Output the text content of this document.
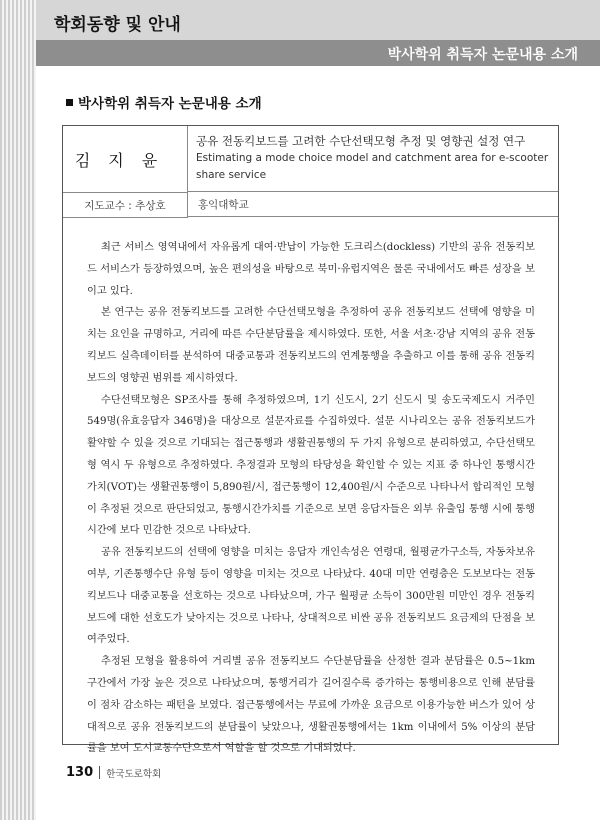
학회동향 및 안내
박사학위 취득자 논문내용 소개
박사학위 취득자 논문내용 소개
김지윤
공유 전동킥보드를 고려한 수단선택모형 추정 및 영향권 설정 연구
Estimating a mode choice model and catchment area for e-scooter share service
지도교수 : 추상호	홍익대학교

최근 서비스 영역내에서 자유롭게 대여·반납이 가능한 도크리스(dockless) 기반의 공유 전동킥보드 서비스가 등장하였으며, 높은 편의성을 바탕으로 북미·유럽지역은 물론 국내에서도 빠른 성장을 보이고 있다.

본 연구는 공유 전동킥보드를 고려한 수단선택모형을 추정하여 공유 전동킥보드 선택에 영향을 미치는 요인을 규명하고, 거리에 따른 수단분담률을 제시하였다. 또한, 서울 서초·강남 지역의 공유 전동킥보드 실측데이터를 분석하여 대중교통과 전동킥보드의 연계통행을 추출하고 이를 통해 공유 전동킥보드의 영향권 범위를 제시하였다.

수단선택모형은 SP조사를 통해 추정하였으며, 1기 신도시, 2기 신도시 및 송도국제도시 거주민 549명(유효응답자 346명)을 대상으로 설문자료를 수집하였다. 설문 시나리오는 공유 전동킥보드가 활약할 수 있을 것으로 기대되는 접근통행과 생활권통행의 두 가지 유형으로 분리하였고, 수단선택모형 역시 두 유형으로 추정하였다. 추정결과 모형의 타당성을 확인할 수 있는 지표 중 하나인 통행시간가치(VOT)는 생활권통행이 5,890원/시, 접근통행이 12,400원/시 수준으로 나타나서 합리적인 모형이 추정된 것으로 판단되었고, 통행시간가치를 기준으로 보면 응답자들은 외부 유출입 통행 시에 통행시간에 보다 민감한 것으로 나타났다.

공유 전동킥보드의 선택에 영향을 미치는 응답자 개인속성은 연령대, 월평균가구소득, 자동차보유여부, 기존통행수단 유형 등이 영향을 미치는 것으로 나타났다. 40대 미만 연령층은 도보보다는 전동킥보드나 대중교통을 선호하는 것으로 나타났으며, 가구 월평균 소득이 300만원 미만인 경우 전동킥보드에 대한 선호도가 낮아지는 것으로 나타나, 상대적으로 비싼 공유 전동킥보드 요금제의 단점을 보여주었다.

추정된 모형을 활용하여 거리별 공유 전동킥보드 수단분담률을 산정한 결과 분담률은 0.5~1km 구간에서 가장 높은 것으로 나타났으며, 통행거리가 길어질수록 증가하는 통행비용으로 인해 분담률이 점차 감소하는 패턴을 보였다. 접근통행에서는 무료에 가까운 요금으로 이용가능한 버스가 있어 상대적으로 공유 전동킥보드의 분담률이 낮았으나, 생활권통행에서는 1km 이내에서 5% 이상의 분담률을 보여 도시교통수단으로서 역할을 할 것으로 기대되었다.

130 한국도로학회
